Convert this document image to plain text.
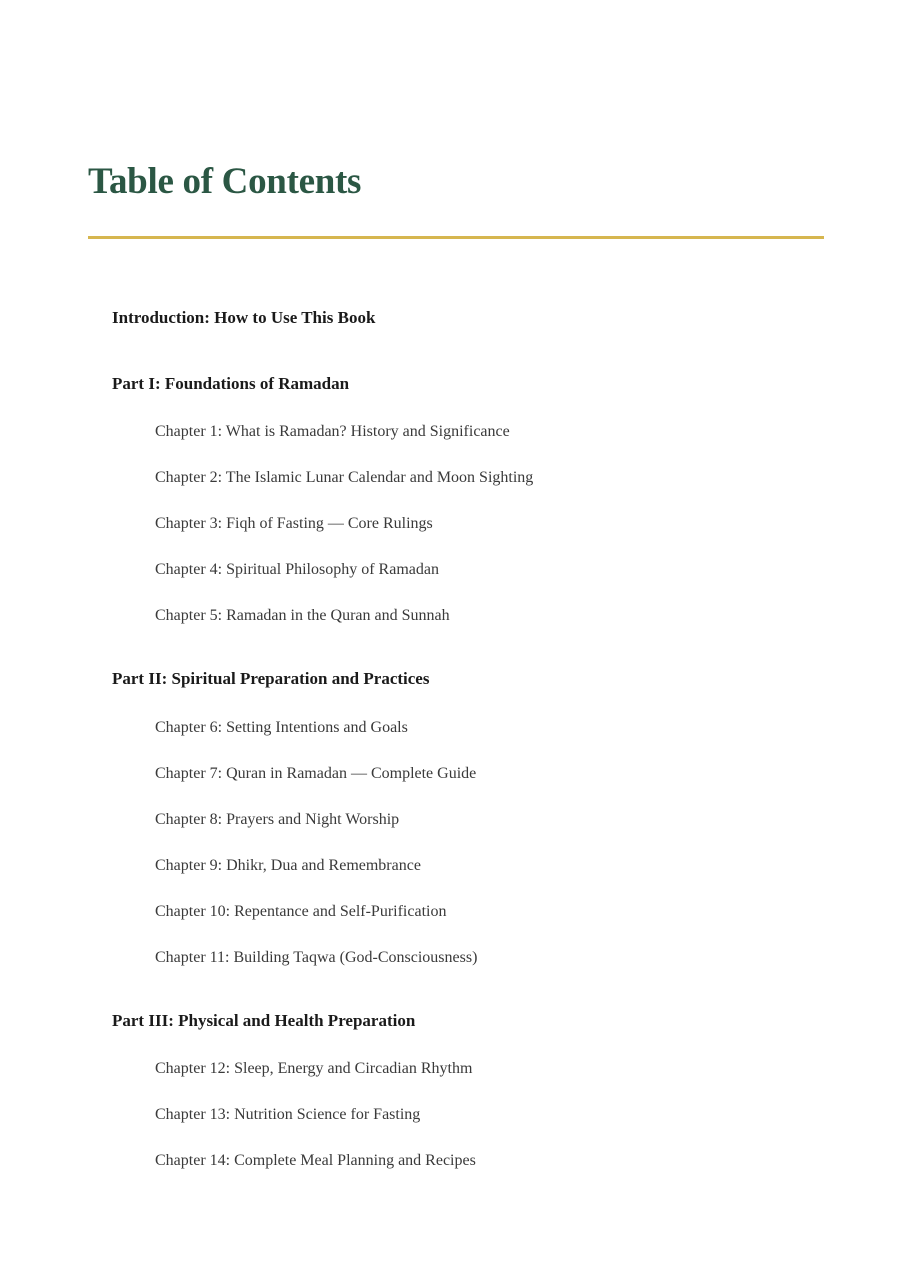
Table of Contents

Introduction: How to Use This Book

Part I: Foundations of Ramadan

Chapter 1: What is Ramadan? History and Significance

Chapter 2: The Islamic Lunar Calendar and Moon Sighting

Chapter 3: Fiqh of Fasting — Core Rulings

Chapter 4: Spiritual Philosophy of Ramadan

Chapter 5: Ramadan in the Quran and Sunnah

Part II: Spiritual Preparation and Practices

Chapter 6: Setting Intentions and Goals

Chapter 7: Quran in Ramadan — Complete Guide

Chapter 8: Prayers and Night Worship

Chapter 9: Dhikr, Dua and Remembrance

Chapter 10: Repentance and Self-Purification

Chapter 11: Building Taqwa (God-Consciousness)

Part III: Physical and Health Preparation

Chapter 12: Sleep, Energy and Circadian Rhythm

Chapter 13: Nutrition Science for Fasting

Chapter 14: Complete Meal Planning and Recipes
